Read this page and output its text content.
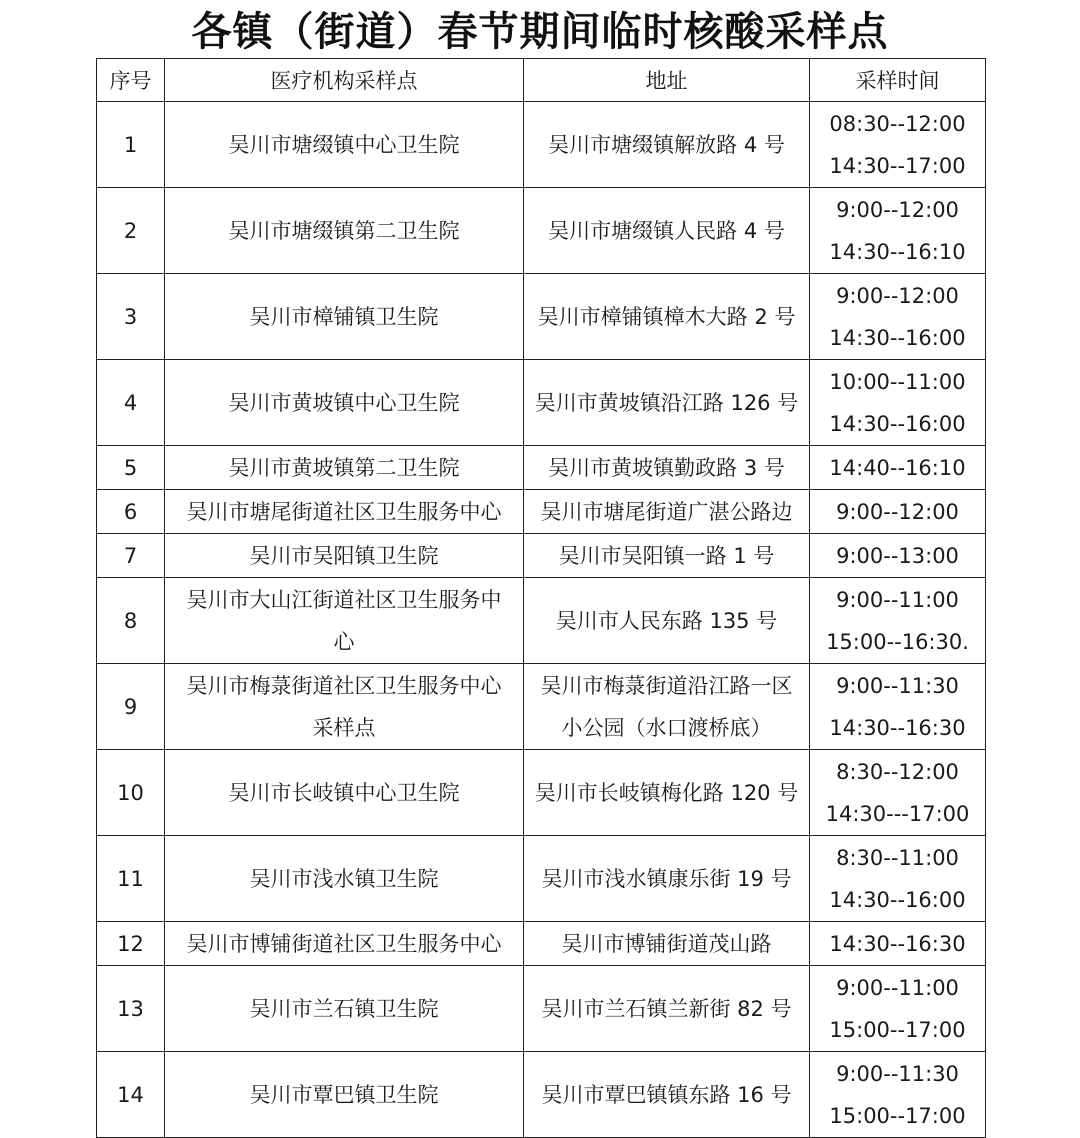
各镇（街道）春节期间临时核酸采样点
序号	医疗机构采样点	地址	采样时间

1	吴川市塘缀镇中心卫生院	吴川市塘缀镇解放路 4 号	08:30--12:00
14:30--17:00

2	吴川市塘缀镇第二卫生院	吴川市塘缀镇人民路 4 号	9:00--12:00
14:30--16:10

3	吴川市樟铺镇卫生院	吴川市樟铺镇樟木大路 2 号	9:00--12:00
14:30--16:00

4	吴川市黄坡镇中心卫生院	吴川市黄坡镇沿江路 126 号	10:00--11:00
14:30--16:00

5	吴川市黄坡镇第二卫生院	吴川市黄坡镇勤政路 3 号	14:40--16:10

6	吴川市塘尾街道社区卫生服务中心	吴川市塘尾街道广湛公路边	9:00--12:00

7	吴川市吴阳镇卫生院	吴川市吴阳镇一路 1 号	9:00--13:00

8	吴川市大山江街道社区卫生服务中
心	吴川市人民东路 135 号	9:00--11:00
15:00--16:30.

9	吴川市梅菉街道社区卫生服务中心
采样点	吴川市梅菉街道沿江路一区
小公园（水口渡桥底）	9:00--11:30
14:30--16:30

10	吴川市长岐镇中心卫生院	吴川市长岐镇梅化路 120 号	8:30--12:00
14:30---17:00

11	吴川市浅水镇卫生院	吴川市浅水镇康乐街 19 号	8:30--11:00
14:30--16:00

12	吴川市博铺街道社区卫生服务中心	吴川市博铺街道茂山路	14:30--16:30

13	吴川市兰石镇卫生院	吴川市兰石镇兰新街 82 号	9:00--11:00
15:00--17:00

14	吴川市覃巴镇卫生院	吴川市覃巴镇镇东路 16 号	9:00--11:30
15:00--17:00
